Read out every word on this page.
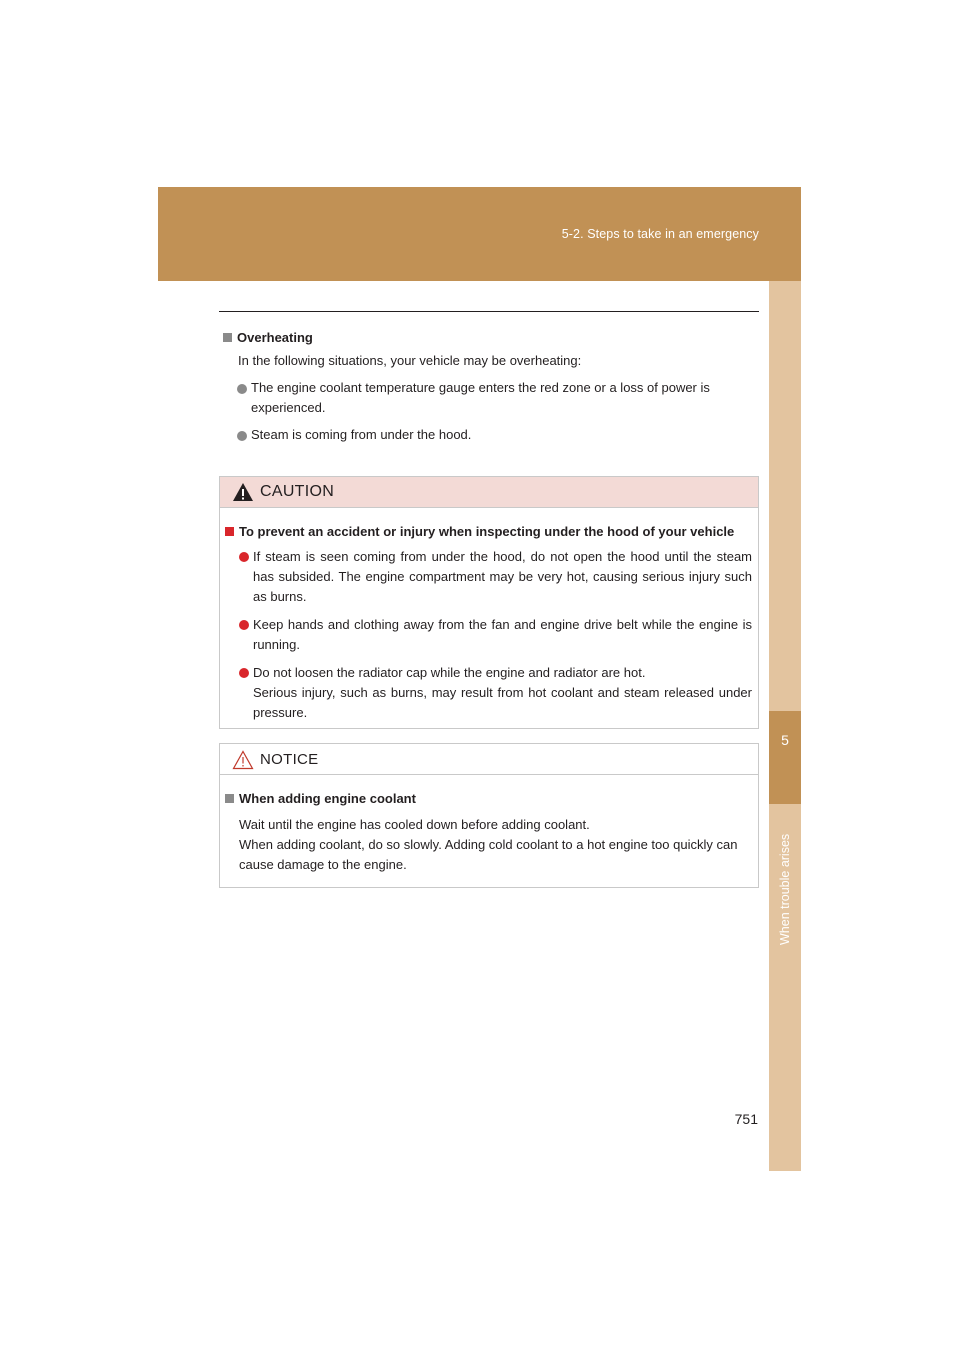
5-2. Steps to take in an emergency
5
When trouble arises
Overheating
In the following situations, your vehicle may be overheating:
The engine coolant temperature gauge enters the red zone or a loss of power is experienced.
Steam is coming from under the hood.
CAUTION
To prevent an accident or injury when inspecting under the hood of your vehicle
If steam is seen coming from under the hood, do not open the hood until the steam has subsided. The engine compartment may be very hot, causing serious injury such as burns.
Keep hands and clothing away from the fan and engine drive belt while the engine is running.
Do not loosen the radiator cap while the engine and radiator are hot.
Serious injury, such as burns, may result from hot coolant and steam released under pressure.
NOTICE
When adding engine coolant
Wait until the engine has cooled down before adding coolant.
When adding coolant, do so slowly. Adding cold coolant to a hot engine too quickly can cause damage to the engine.
751
